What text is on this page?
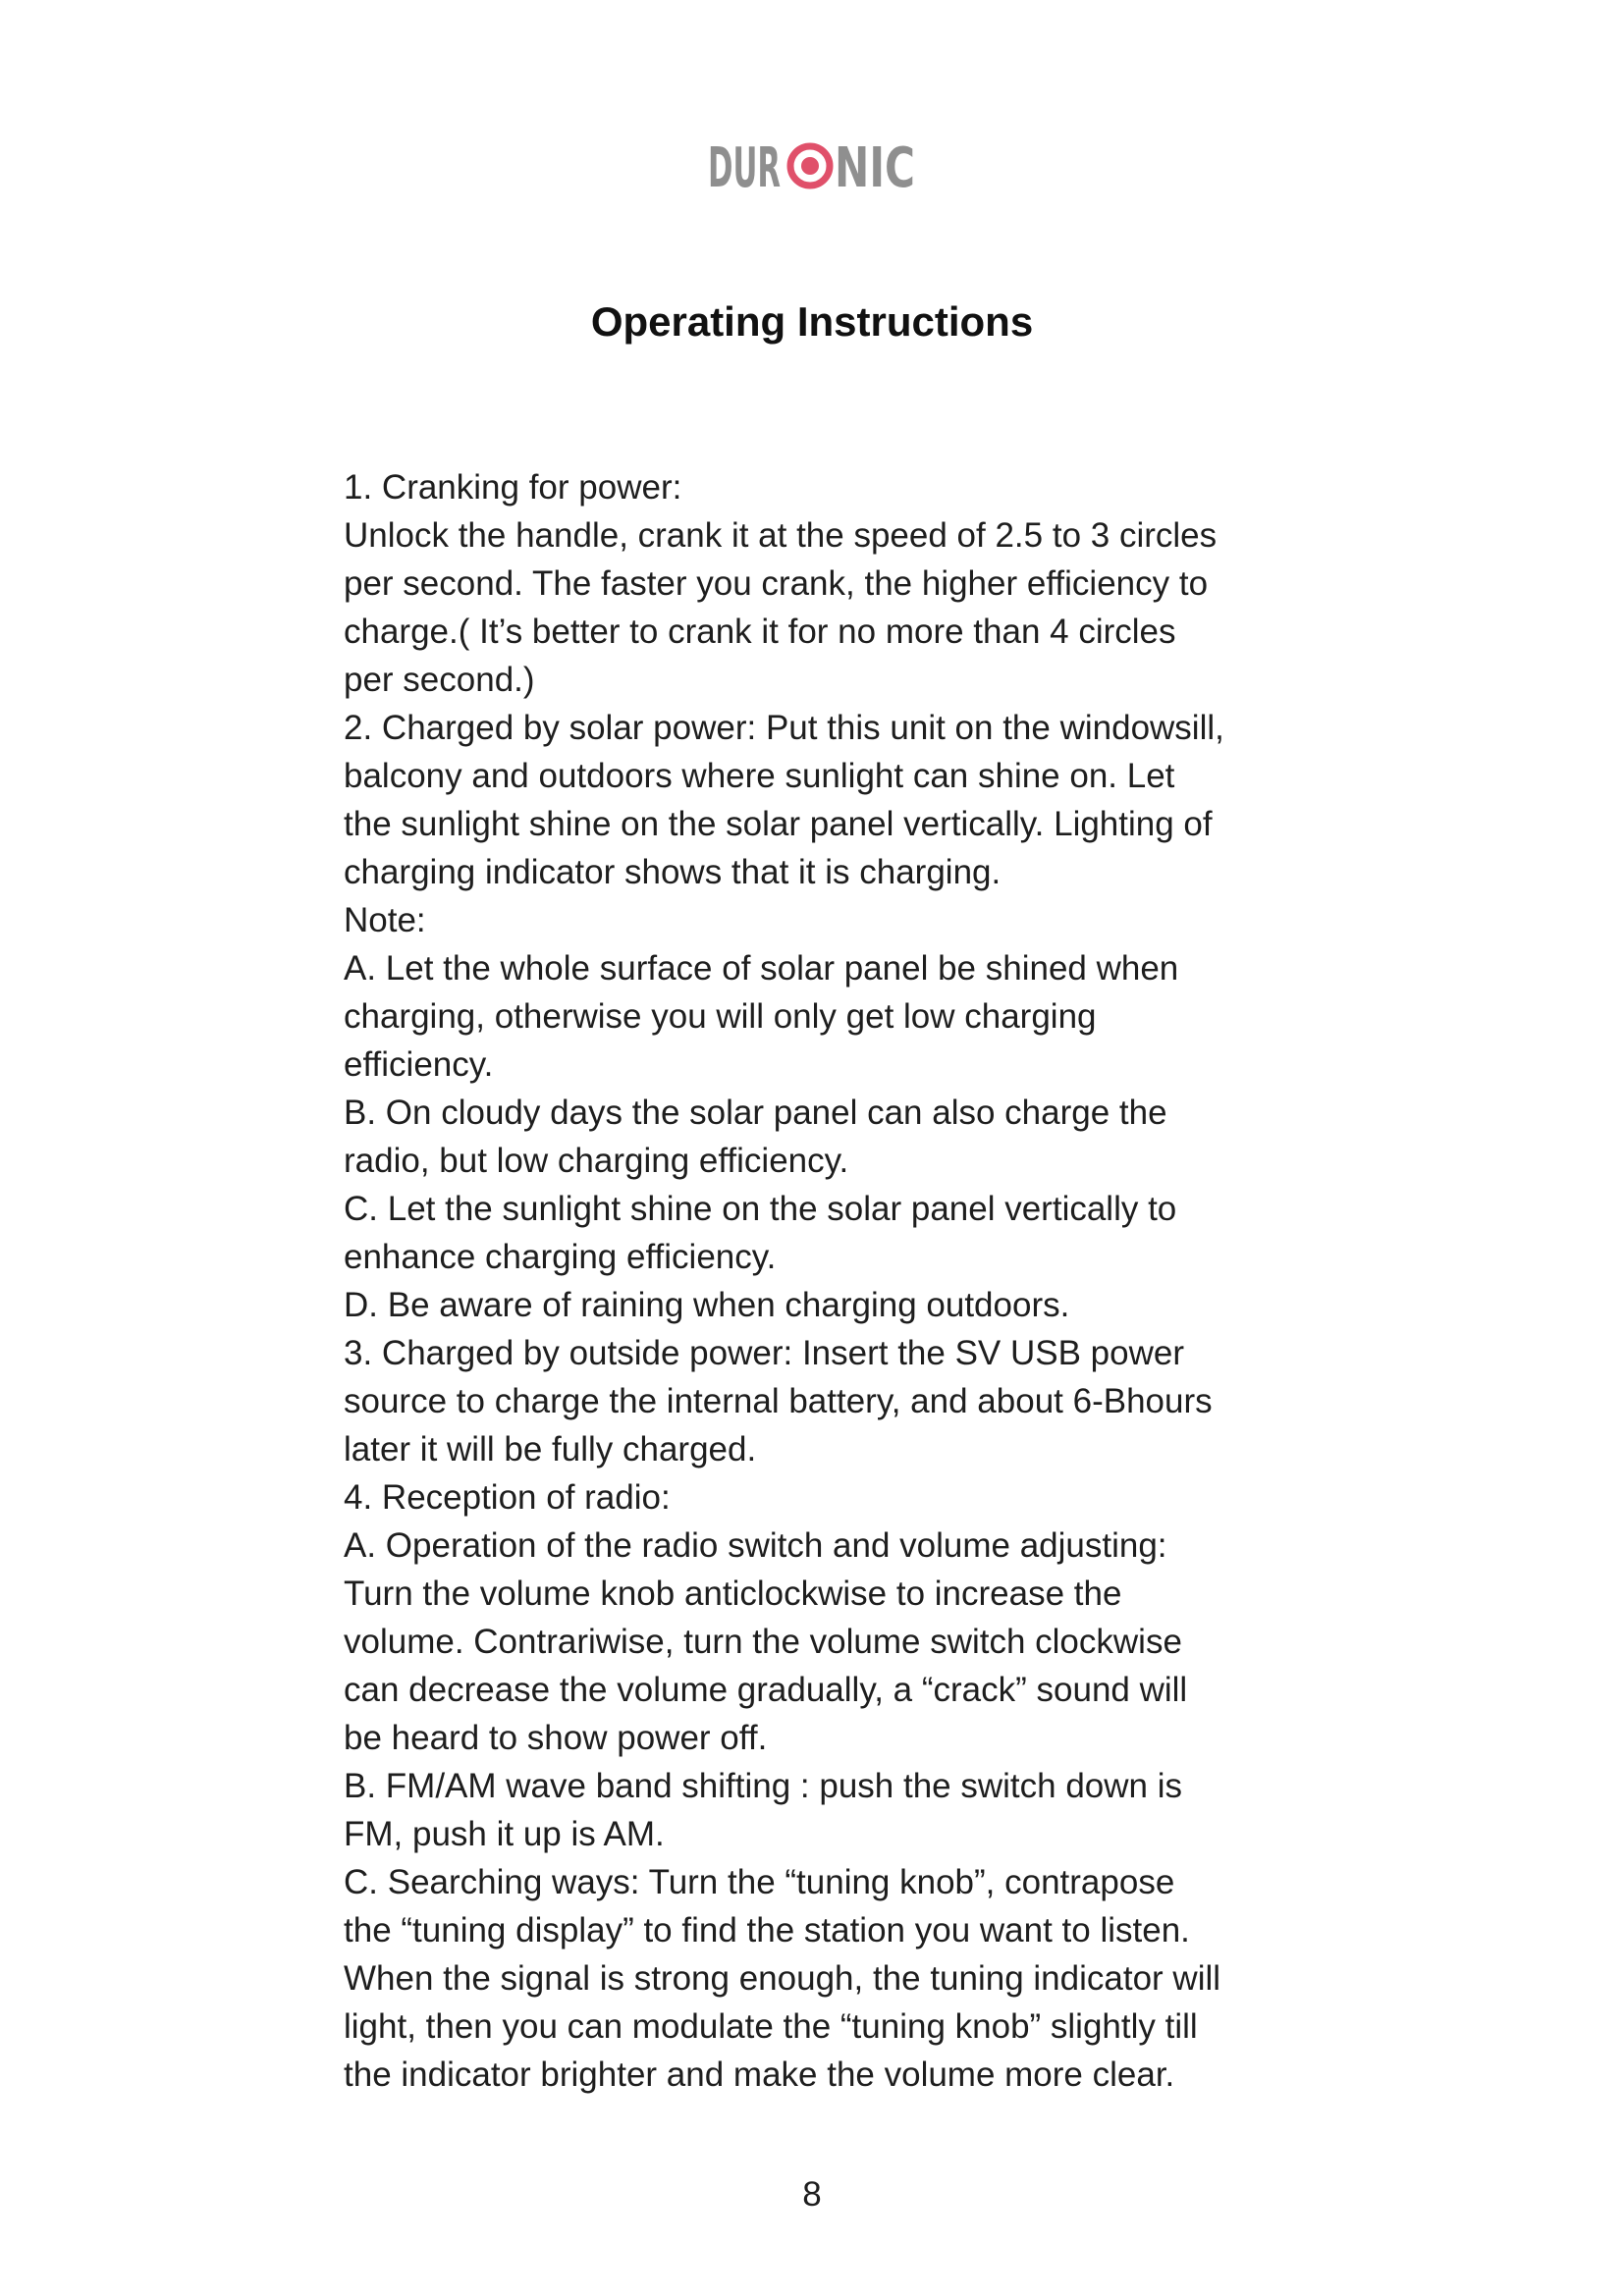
DUR NIC
Operating Instructions
1. Cranking for power:
Unlock the handle, crank it at the speed of 2.5 to 3 circles
per second. The faster you crank, the higher efficiency to
charge.( It’s better to crank it for no more than 4 circles
per second.)
2. Charged by solar power: Put this unit on the windowsill,
balcony and outdoors where sunlight can shine on. Let
the sunlight shine on the solar panel vertically. Lighting of
charging indicator shows that it is charging.
Note:
A. Let the whole surface of solar panel be shined when
charging, otherwise you will only get low charging
efficiency.
B. On cloudy days the solar panel can also charge the
radio, but low charging efficiency.
C. Let the sunlight shine on the solar panel vertically to
enhance charging efficiency.
D. Be aware of raining when charging outdoors.
3. Charged by outside power: Insert the SV USB power
source to charge the internal battery, and about 6-Bhours
later it will be fully charged.
4. Reception of radio:
A. Operation of the radio switch and volume adjusting:
Turn the volume knob anticlockwise to increase the
volume. Contrariwise, turn the volume switch clockwise
can decrease the volume gradually, a “crack” sound will
be heard to show power off.
B. FM/AM wave band shifting : push the switch down is
FM, push it up is AM.
C. Searching ways: Turn the “tuning knob”, contrapose
the “tuning display” to find the station you want to listen.
When the signal is strong enough, the tuning indicator will
light, then you can modulate the “tuning knob” slightly till
the indicator brighter and make the volume more clear.
8
